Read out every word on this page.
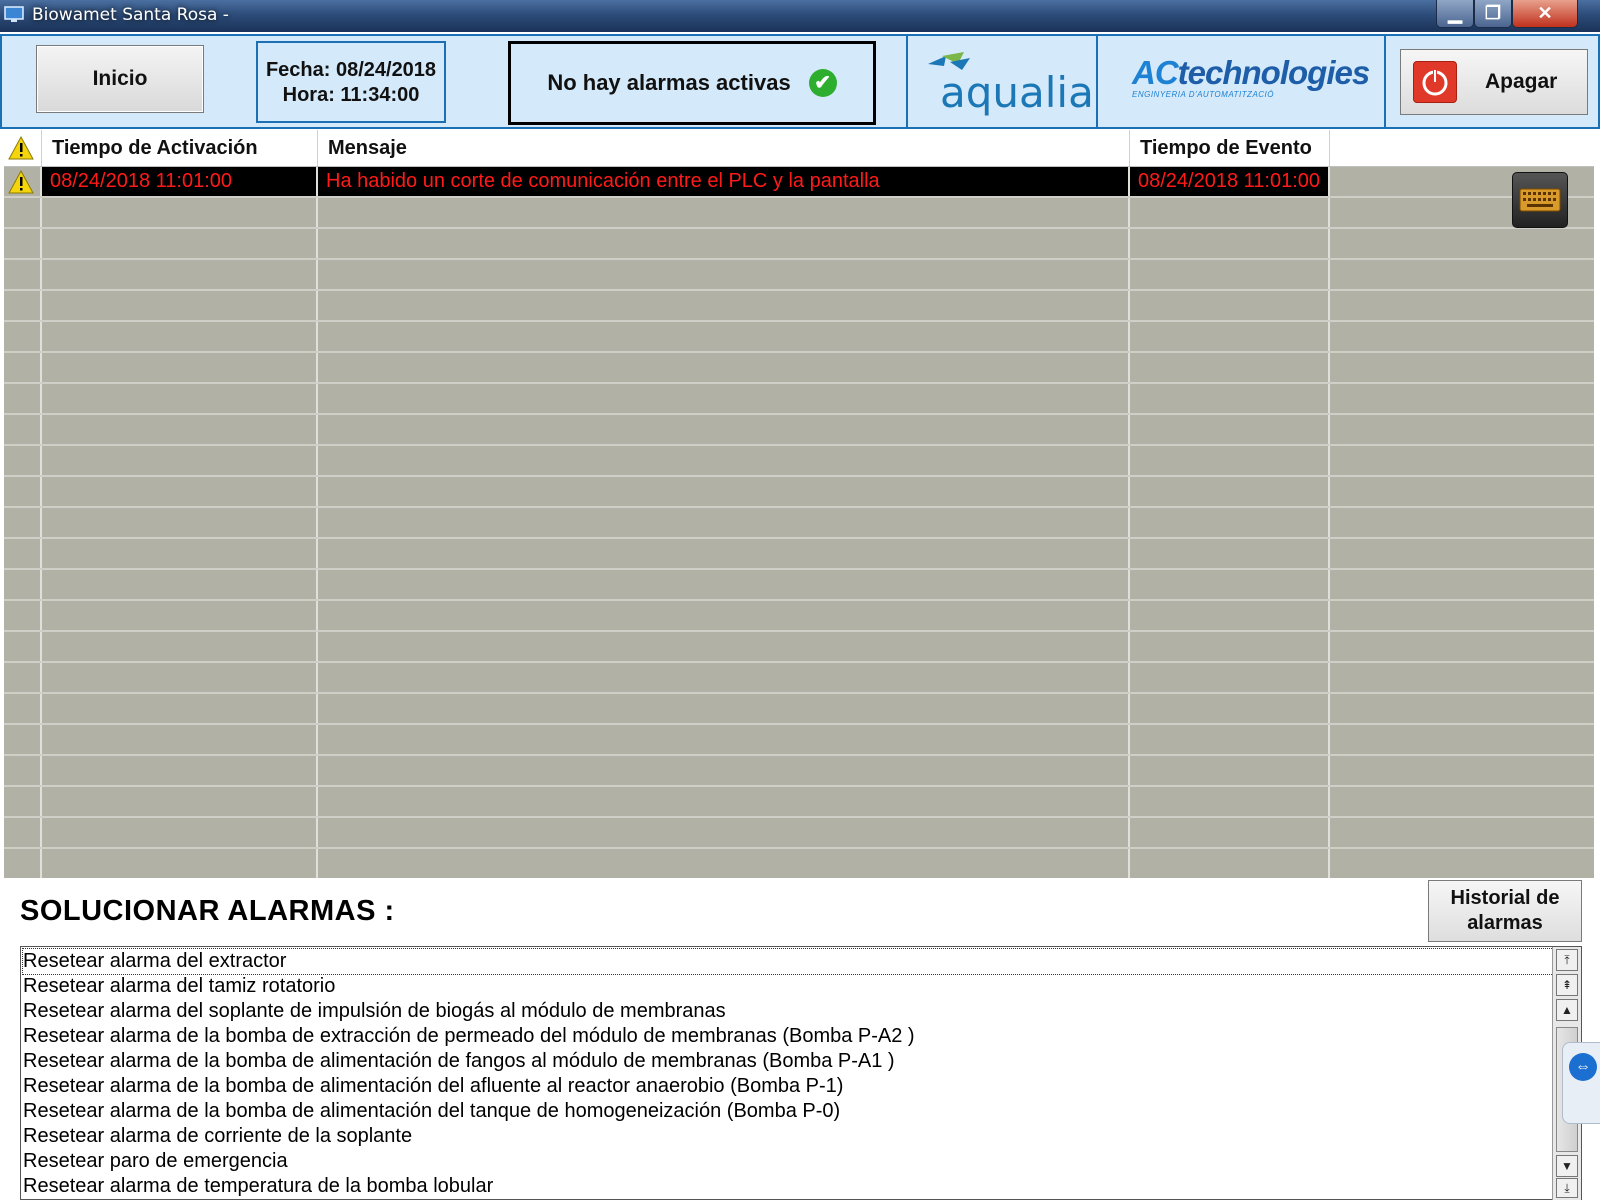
Biowamet Santa Rosa -	▁	❐	✕
Inicio	Fecha: 08/24/2018
Hora: 11:34:00	No hay alarmas activas ✔	aqualia ACtechnologies
ENGINYERIA D'AUTOMATITZACIÓ
Apagar
Tiempo de Activación	Mensaje	Tiempo de Evento
08/24/2018 11:01:00	Ha habido un corte de comunicación entre el PLC y la pantalla	08/24/2018 11:01:00
SOLUCIONAR ALARMAS :	Historial de
alarmas
Resetear alarma del extractor
Resetear alarma del tamiz rotatorio
Resetear alarma del soplante de impulsión de biogás al módulo de membranas
Resetear alarma de la bomba de extracción de permeado del módulo de membranas (Bomba P-A2 )
Resetear alarma de la bomba de alimentación de fangos al módulo de membranas (Bomba P-A1 )
Resetear alarma de la bomba de alimentación del afluente al reactor anaerobio (Bomba P-1)
Resetear alarma de la bomba de alimentación del tanque de homogeneización (Bomba P-0)
Resetear alarma de corriente de la soplante
Resetear paro de emergencia
Resetear alarma de temperatura de la bomba lobular
⤒
⇞
▲
▼
⤓
⇔
